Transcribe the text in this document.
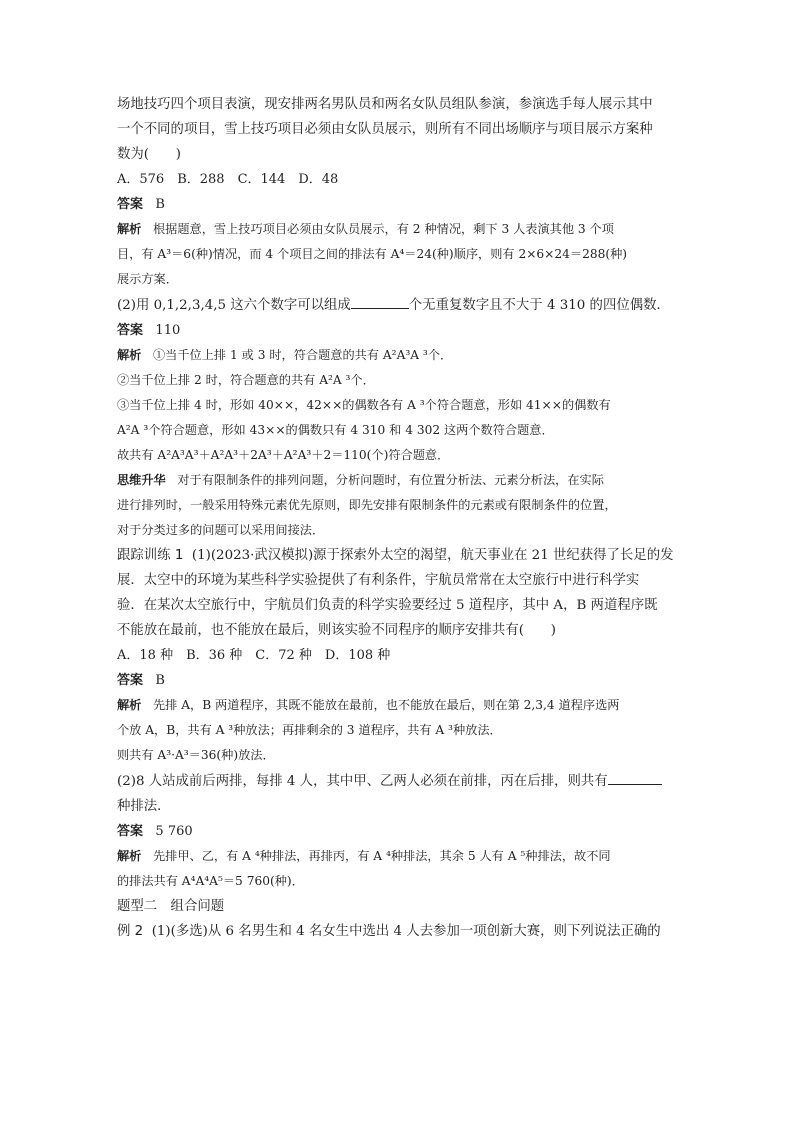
场地技巧四个项目表演，现安排两名男队员和两名女队员组队参演，参演选手每人展示其中

一个不同的项目，雪上技巧项目必须由女队员展示，则所有不同出场顺序与项目展示方案种

数为(　　)

A．576　B．288　C．144　D．48

答案 B

解析 根据题意，雪上技巧项目必须由女队员展示，有 2 种情况，剩下 3 人表演其他 3 个项

目，有 A³＝6(种)情况，而 4 个项目之间的排法有 A⁴＝24(种)顺序，则有 2×6×24＝288(种)

展示方案．

(2)用 0,1,2,3,4,5 这六个数字可以组成	个无重复数字且不大于 4 310 的四位偶数．

答案 110

解析 ①当千位上排 1 或 3 时，符合题意的共有 A²A³A ³个．

②当千位上排 2 时，符合题意的共有 A²A ³个．

③当千位上排 4 时，形如 40××，42××的偶数各有 A ³个符合题意，形如 41××的偶数有

A²A ³个符合题意，形如 43××的偶数只有 4 310 和 4 302 这两个数符合题意．

故共有 A²A³A³＋A²A³＋2A³＋A²A³＋2＝110(个)符合题意．

思维升华 对于有限制条件的排列问题，分析问题时，有位置分析法、元素分析法，在实际

进行排列时，一般采用特殊元素优先原则，即先安排有限制条件的元素或有限制条件的位置，

对于分类过多的问题可以采用间接法．

跟踪训练 1 (1)(2023·武汉模拟)源于探索外太空的渴望，航天事业在 21 世纪获得了长足的发

展．太空中的环境为某些科学实验提供了有利条件，宇航员常常在太空旅行中进行科学实

验．在某次太空旅行中，宇航员们负责的科学实验要经过 5 道程序，其中 A，B 两道程序既

不能放在最前，也不能放在最后，则该实验不同程序的顺序安排共有(　　)

A．18 种　B．36 种　C．72 种　D．108 种

答案 B

解析 先排 A，B 两道程序，其既不能放在最前，也不能放在最后，则在第 2,3,4 道程序选两

个放 A，B，共有 A ³种放法；再排剩余的 3 道程序，共有 A ³种放法．

则共有 A³·A³＝36(种)放法．

(2)8 人站成前后两排，每排 4 人，其中甲、乙两人必须在前排，丙在后排，则共有

种排法．

答案 5 760

解析 先排甲、乙，有 A ⁴种排法，再排丙，有 A ⁴种排法，其余 5 人有 A ⁵种排法，故不同

的排法共有 A⁴A⁴A⁵＝5 760(种)．

题型二　组合问题

例 2 (1)(多选)从 6 名男生和 4 名女生中选出 4 人去参加一项创新大赛，则下列说法正确的
